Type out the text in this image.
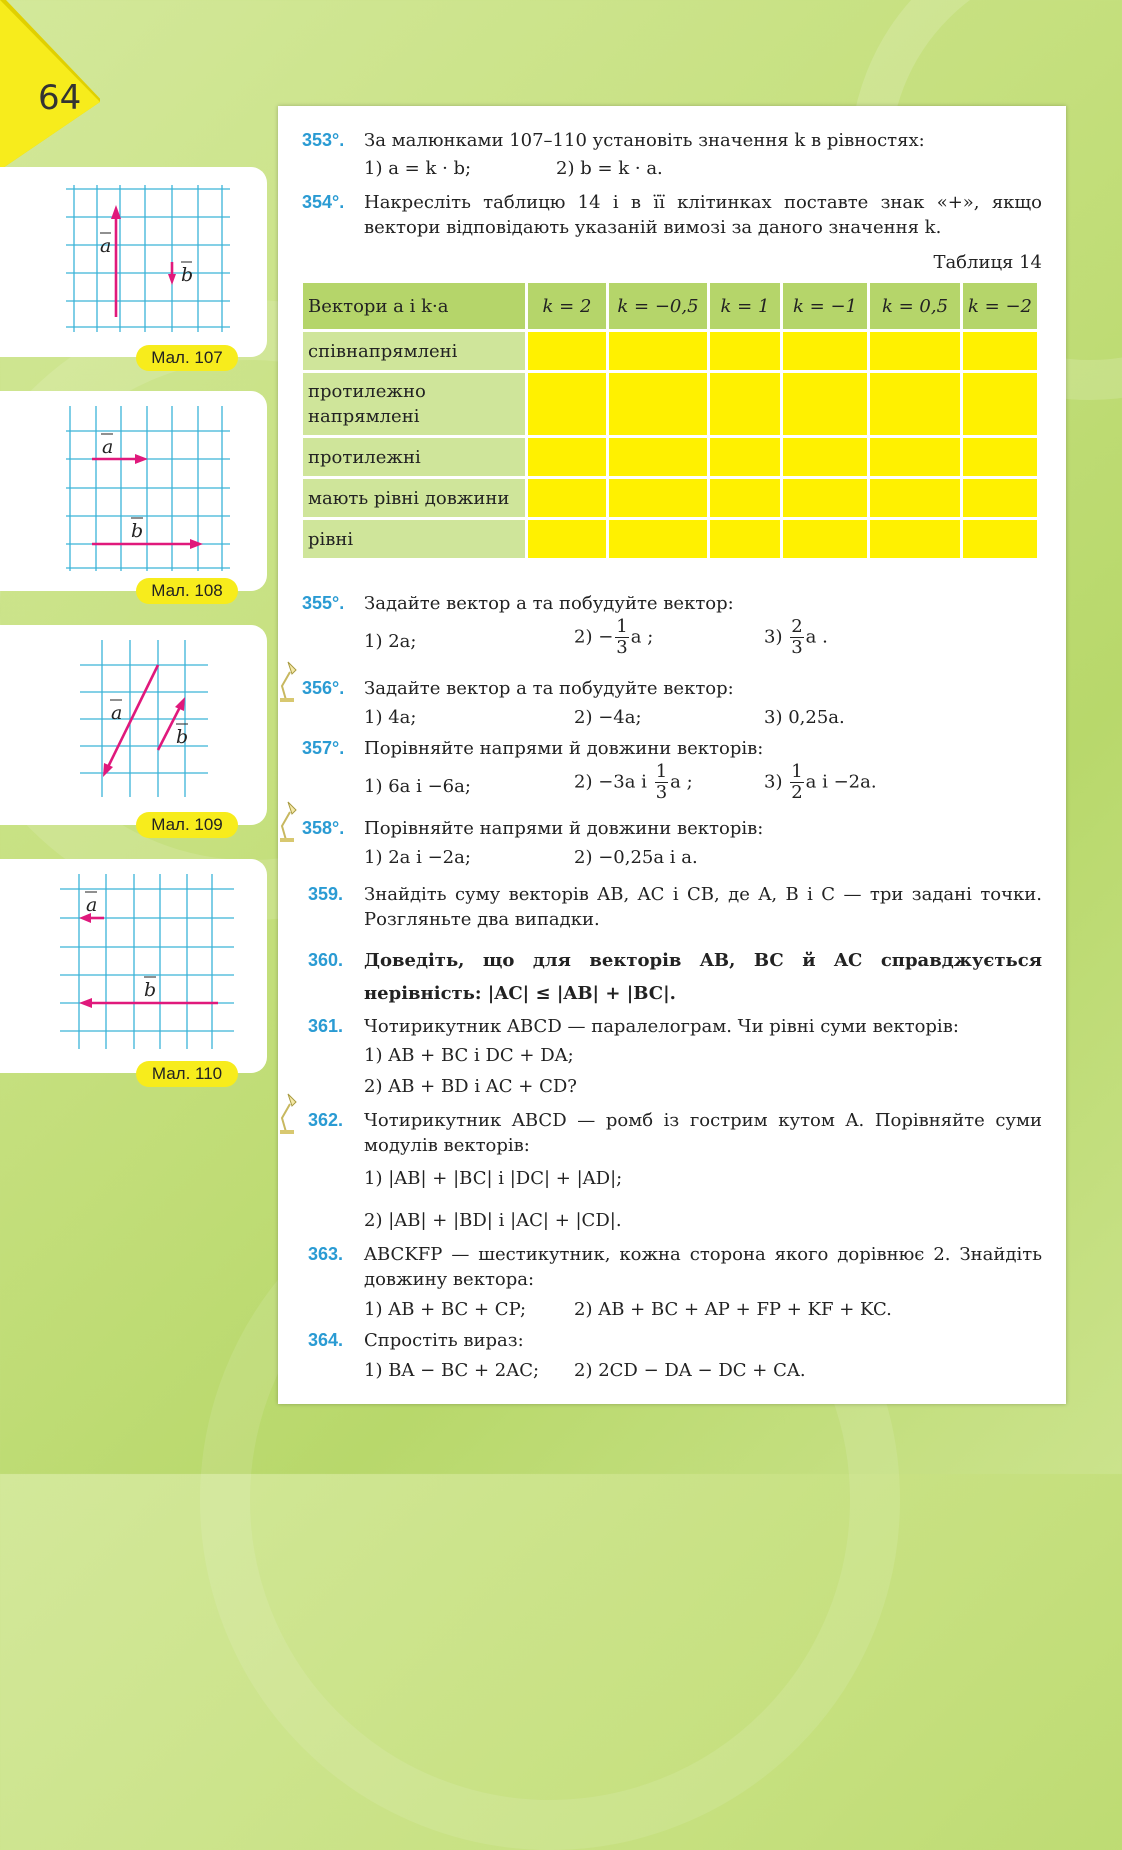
64
a
b
Мал. 107
a
b
Мал. 108
a
b
Мал. 109
a
b
Мал. 110
353°. За малюнками 107–110 установіть значення k в рівностях:
1) a = k · b;	2) b = k · a.
354°. Накресліть таблицю 14 і в її клітинках поставте знак «+», якщо вектори відповідають указаній вимозі за даного значення k.
Таблиця 14
Вектори a і k·a	k = 2	k = −0,5	k = 1	k = −1	k = 0,5	k = −2
співнапрямлені						
протилежно напрямлені						
протилежні						
мають рівні довжини						
рівні						
355°. Задайте вектор a та побудуйте вектор:
1) 2a;	$2) - \frac{1}{3}$ a ;	$3) \frac{2}{3}$ a .
356°. Задайте вектор a та побудуйте вектор:
1) 4a;	2) −4a;	3) 0,25a.
357°. Порівняйте напрями й довжини векторів:
1) 6a і −6a;	2) −3a і $\frac{1}{3}$ a ;	$3) \frac{1}{2}$ a і −2a.
358°. Порівняйте напрями й довжини векторів:
1) 2a і −2a;	2) −0,25a і a.
359. Знайдіть суму векторів AB, AC і CB, де A, B і C — три задані точки. Розгляньте два випадки.
360. Доведіть, що для векторів AB, BC й AC справджується нерівність: |AC| ≤ |AB| + |BC|.
361. Чотирикутник ABCD — паралелограм. Чи рівні суми векторів:
1) AB + BC і DC + DA;
2) AB + BD і AC + CD?
362. Чотирикутник ABCD — ромб із гострим кутом A. Порівняйте суми модулів векторів:
1) |AB| + |BC| і |DC| + |AD|;
2) |AB| + |BD| і |AC| + |CD|.
363. ABCKFP — шестикутник, кожна сторона якого дорівнює 2. Знайдіть довжину вектора:
1) AB + BC + CP;	2) AB + BC + AP + FP + KF + KC.
364. Спростіть вираз:
1) BA − BC + 2AC; 2) 2CD − DA − DC + CA.
